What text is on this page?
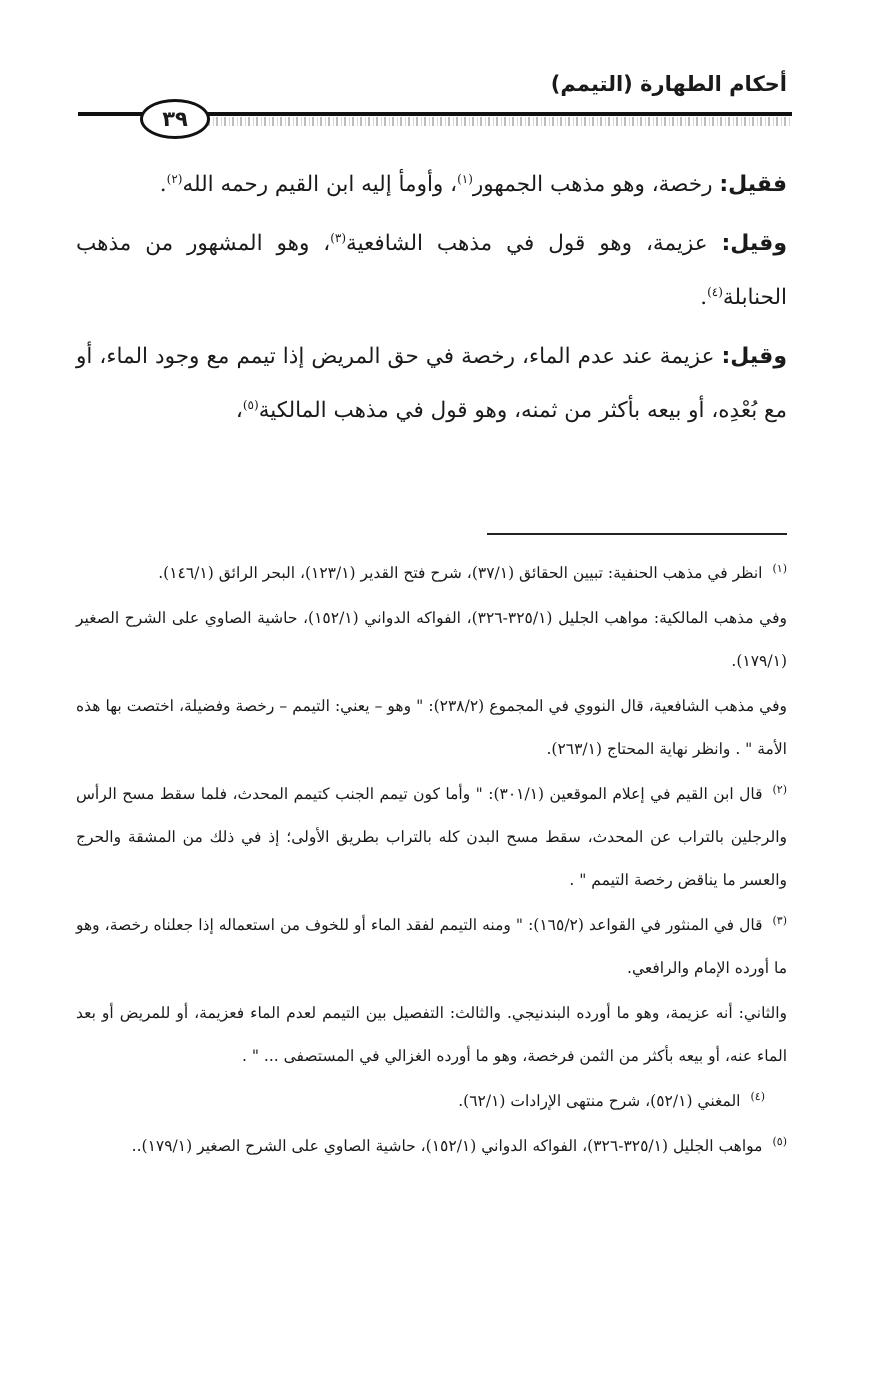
أحكام الطهارة (التيمم)
٣٩

فقيل: رخصة، وهو مذهب الجمهور$^{(١)}$، وأومأ إليه ابن القيم رحمه الله$^{(٢)}$.

وقيل: عزيمة، وهو قول في مذهب الشافعية$^{(٣)}$، وهو المشهور من مذهب الحنابلة$^{(٤)}$.

وقيل: عزيمة عند عدم الماء، رخصة في حق المريض إذا تيمم مع وجود الماء، أو مع بُعْدِه، أو بيعه بأكثر من ثمنه، وهو قول في مذهب المالكية$^{(٥)}$،

$^{(١)}$انظر في مذهب الحنفية: تبيين الحقائق (٣٧/١)، شرح فتح القدير (١٢٣/١)، البحر الرائق (١٤٦/١).

وفي مذهب المالكية: مواهب الجليل (٣٢٥/١-٣٢٦)، الفواكه الدواني (١٥٢/١)، حاشية الصاوي على الشرح الصغير (١٧٩/١).

وفي مذهب الشافعية، قال النووي في المجموع (٢٣٨/٢): " وهو – يعني: التيمم – رخصة وفضيلة، اختصت بها هذه الأمة " . وانظر نهاية المحتاج (٢٦٣/١).

$^{(٢)}$قال ابن القيم في إعلام الموقعين (٣٠١/١): " وأما كون تيمم الجنب كتيمم المحدث، فلما سقط مسح الرأس والرجلين بالتراب عن المحدث، سقط مسح البدن كله بالتراب بطريق الأولى؛ إذ في ذلك من المشقة والحرج والعسر ما يناقض رخصة التيمم " .

$^{(٣)}$قال في المنثور في القواعد (١٦٥/٢): " ومنه التيمم لفقد الماء أو للخوف من استعماله إذا جعلناه رخصة، وهو ما أورده الإمام والرافعي.

والثاني: أنه عزيمة، وهو ما أورده البندنيجي. والثالث: التفصيل بين التيمم لعدم الماء فعزيمة، أو للمريض أو بعد الماء عنه، أو بيعه بأكثر من الثمن فرخصة، وهو ما أورده الغزالي في المستصفى ... " .

$^{(٤)}$المغني (٥٢/١)، شرح منتهى الإرادات (٦٢/١).

$^{(٥)}$مواهب الجليل (٣٢٥/١-٣٢٦)، الفواكه الدواني (١٥٢/١)، حاشية الصاوي على الشرح الصغير (١٧٩/١)..
